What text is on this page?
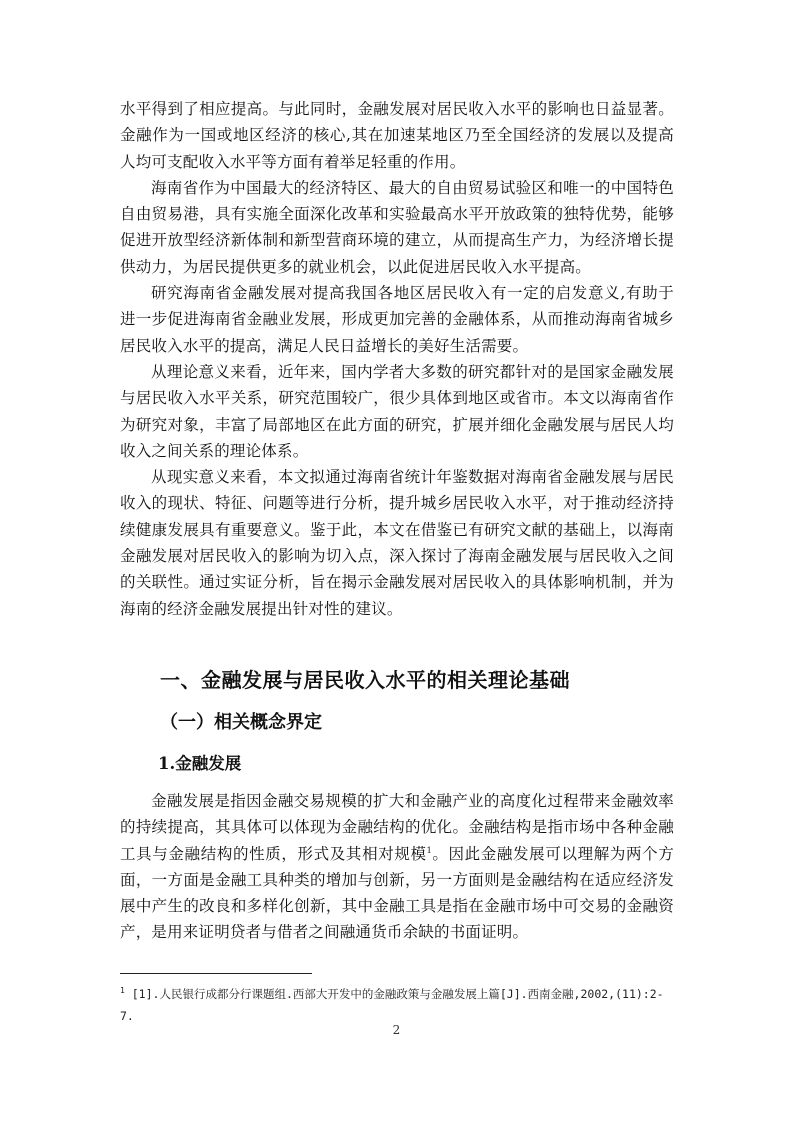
水平得到了相应提高。与此同时，金融发展对居民收入水平的影响也日益显著。金融作为一国或地区经济的核心,其在加速某地区乃至全国经济的发展以及提高人均可支配收入水平等方面有着举足轻重的作用。

海南省作为中国最大的经济特区、最大的自由贸易试验区和唯一的中国特色自由贸易港，具有实施全面深化改革和实验最高水平开放政策的独特优势，能够促进开放型经济新体制和新型营商环境的建立，从而提高生产力，为经济增长提供动力，为居民提供更多的就业机会，以此促进居民收入水平提高。

研究海南省金融发展对提高我国各地区居民收入有一定的启发意义,有助于进一步促进海南省金融业发展，形成更加完善的金融体系，从而推动海南省城乡居民收入水平的提高，满足人民日益增长的美好生活需要。

从理论意义来看，近年来，国内学者大多数的研究都针对的是国家金融发展与居民收入水平关系，研究范围较广，很少具体到地区或省市。本文以海南省作为研究对象，丰富了局部地区在此方面的研究，扩展并细化金融发展与居民人均收入之间关系的理论体系。

从现实意义来看，本文拟通过海南省统计年鉴数据对海南省金融发展与居民收入的现状、特征、问题等进行分析，提升城乡居民收入水平，对于推动经济持续健康发展具有重要意义。鉴于此，本文在借鉴已有研究文献的基础上，以海南金融发展对居民收入的影响为切入点，深入探讨了海南金融发展与居民收入之间的关联性。通过实证分析，旨在揭示金融发展对居民收入的具体影响机制，并为海南的经济金融发展提出针对性的建议。

一、金融发展与居民收入水平的相关理论基础
（一）相关概念界定
1.金融发展

金融发展是指因金融交易规模的扩大和金融产业的高度化过程带来金融效率的持续提高，其具体可以体现为金融结构的优化。金融结构是指市场中各种金融工具与金融结构的性质，形式及其相对规模$^1$。因此金融发展可以理解为两个方面，一方面是金融工具种类的增加与创新，另一方面则是金融结构在适应经济发展中产生的改良和多样化创新，其中金融工具是指在金融市场中可交易的金融资产，是用来证明贷者与借者之间融通货币余缺的书面证明。

$^1$ [1].人民银行成都分行课题组.西部大开发中的金融政策与金融发展上篇[J].西南金融,2002,(11):2-7.
2
